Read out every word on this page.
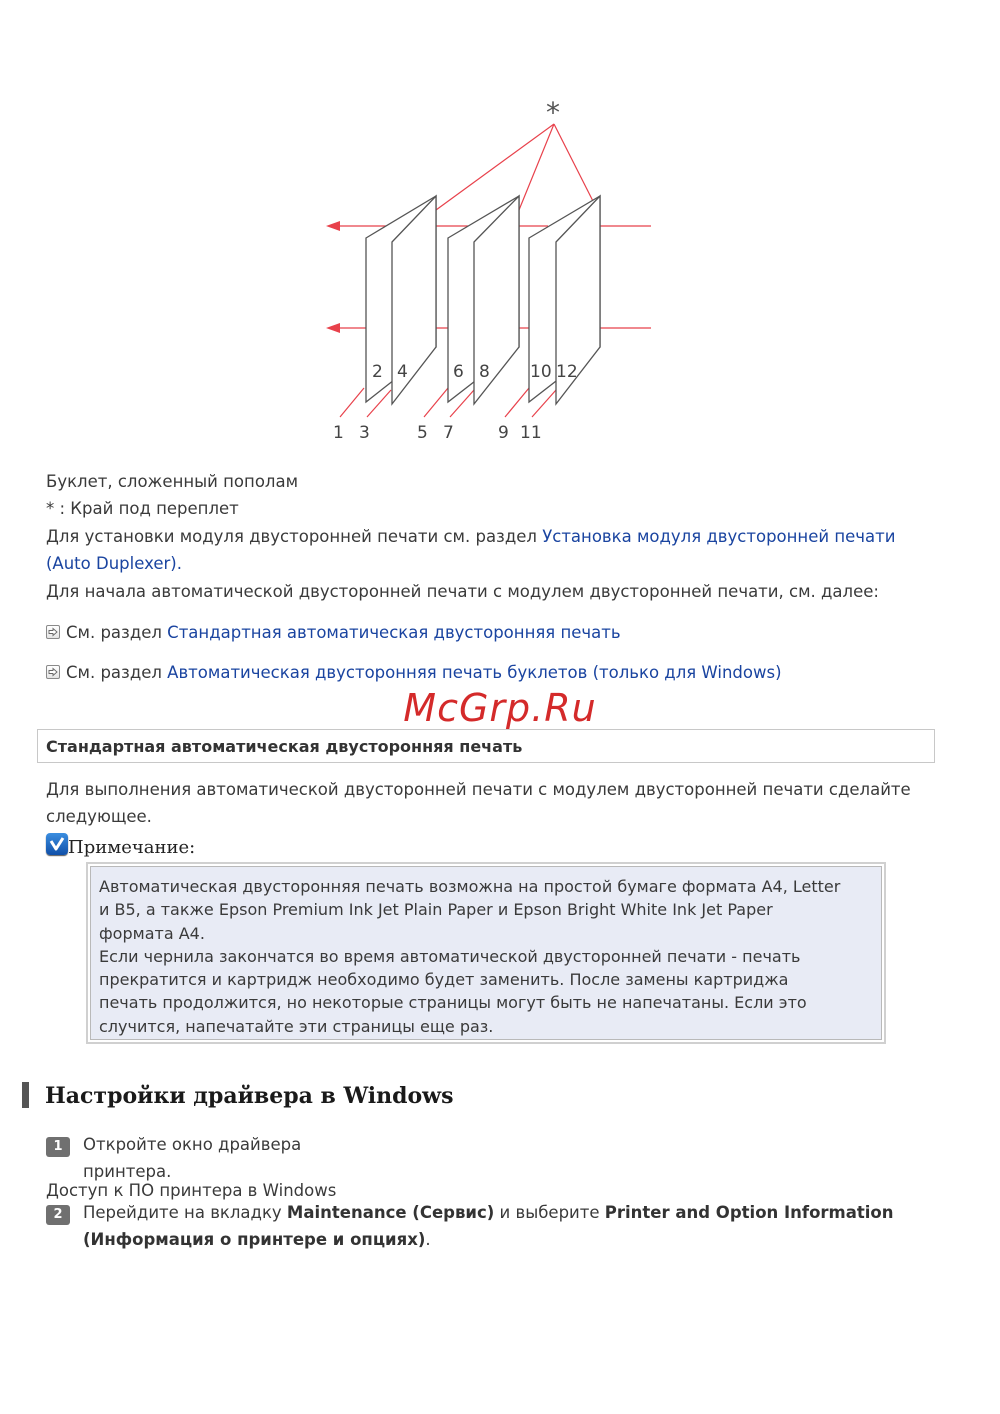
*
2 4	6 8 10 12
1 3	5 7	9 11
Буклет, сложенный пополам
* : Край под переплет
Для установки модуля двусторонней печати см. раздел Установка модуля двусторонней печати
(Auto Duplexer).
Для начала автоматической двусторонней печати с модулем двусторонней печати, см. далее:
См. раздел Стандартная автоматическая двусторонняя печать
См. раздел Автоматическая двусторонняя печать буклетов (только для Windows)
McGrp.Ru
Стандартная автоматическая двусторонняя печать
Для выполнения автоматической двусторонней печати с модулем двусторонней печати сделайте
следующее.
Примечание:
Автоматическая двусторонняя печать возможна на простой бумаге формата A4, Letter
и B5, а также Epson Premium Ink Jet Plain Paper и Epson Bright White Ink Jet Paper
формата A4.
Если чернила закончатся во время автоматической двусторонней печати - печать
прекратится и картридж необходимо будет заменить. После замены картриджа
печать продолжится, но некоторые страницы могут быть не напечатаны. Если это
случится, напечатайте эти страницы еще раз.
Настройки драйвера в Windows
1 Откройте окно драйвера
принтера.
Доступ к ПО принтера в Windows
2 Перейдите на вкладку Maintenance (Сервис) и выберите Printer and Option Information
(Информация о принтере и опциях).
